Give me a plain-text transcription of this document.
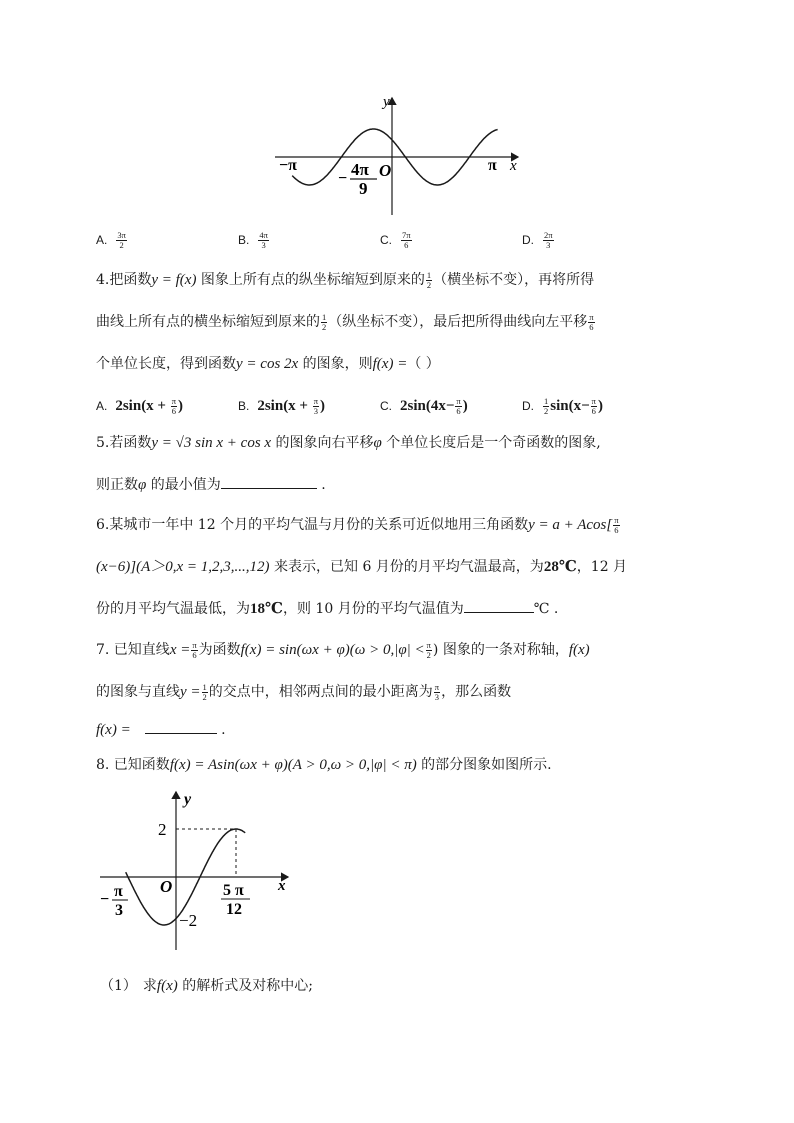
y
x
−π	π
O
− 4π
9
A. $\frac{3\pi}{2}$	B. $\frac{4\pi}{3}$	C. $\frac{7\pi}{6}$	D. $\frac{2\pi}{3}$
4.把函数y = f(x) 图象上所有点的纵坐标缩短到原来的 $\frac{1}{2}$ （横坐标不变），再将所得
曲线上所有点的横坐标缩短到原来的 $\frac{1}{2}$ （纵坐标不变），最后把所得曲线向左平移 $\frac{\pi}{6}$
个单位长度，得到函数y = cos 2x 的图象，则f(x) =（ ）
A. $2\sin(x + \frac{\pi}{6}$ )	B. $2\sin(x + \frac{\pi}{3}$ )	C. $2\sin(4x- \frac{\pi}{6}$ )	D. $\frac{1}{2} \sin(x- \frac{\pi}{6}$ )
5.若函数y = √3 sin x + cos x 的图象向右平移φ 个单位长度后是一个奇函数的图象,
则正数φ 的最小值为	.
6.某城市一年中 12 个月的平均气温与月份的关系可近似地用三角函数$y = a + Acos[ \frac{\pi}{6}$
(x−6)](A＞0,x = 1,2,3,...,12) 来表示，已知 6 月份的月平均气温最高，为28℃，12 月
份的月平均气温最低，为18℃，则 10 月份的平均气温值为	℃ .
7. 已知直线$x = \frac{\pi}{6}$ 为函数$f(x) = \sin(\omega x + \varphi)(\omega > 0,|\varphi| < \frac{\pi}{2}$ ) 图象的一条对称轴，f(x)
的图象与直线$y = \frac{1}{2}$ 的交点中，相邻两点间的最小距离为 $\frac{\pi}{3}$ ，那么函数
f(x) =	.
8. 已知函数f(x) = Asin(ωx + φ)(A > 0,ω > 0,|φ| < π) 的部分图象如图所示.
y
x
2
−2
O
− π
3
5 π
12
（1） 求f(x) 的解析式及对称中心;
